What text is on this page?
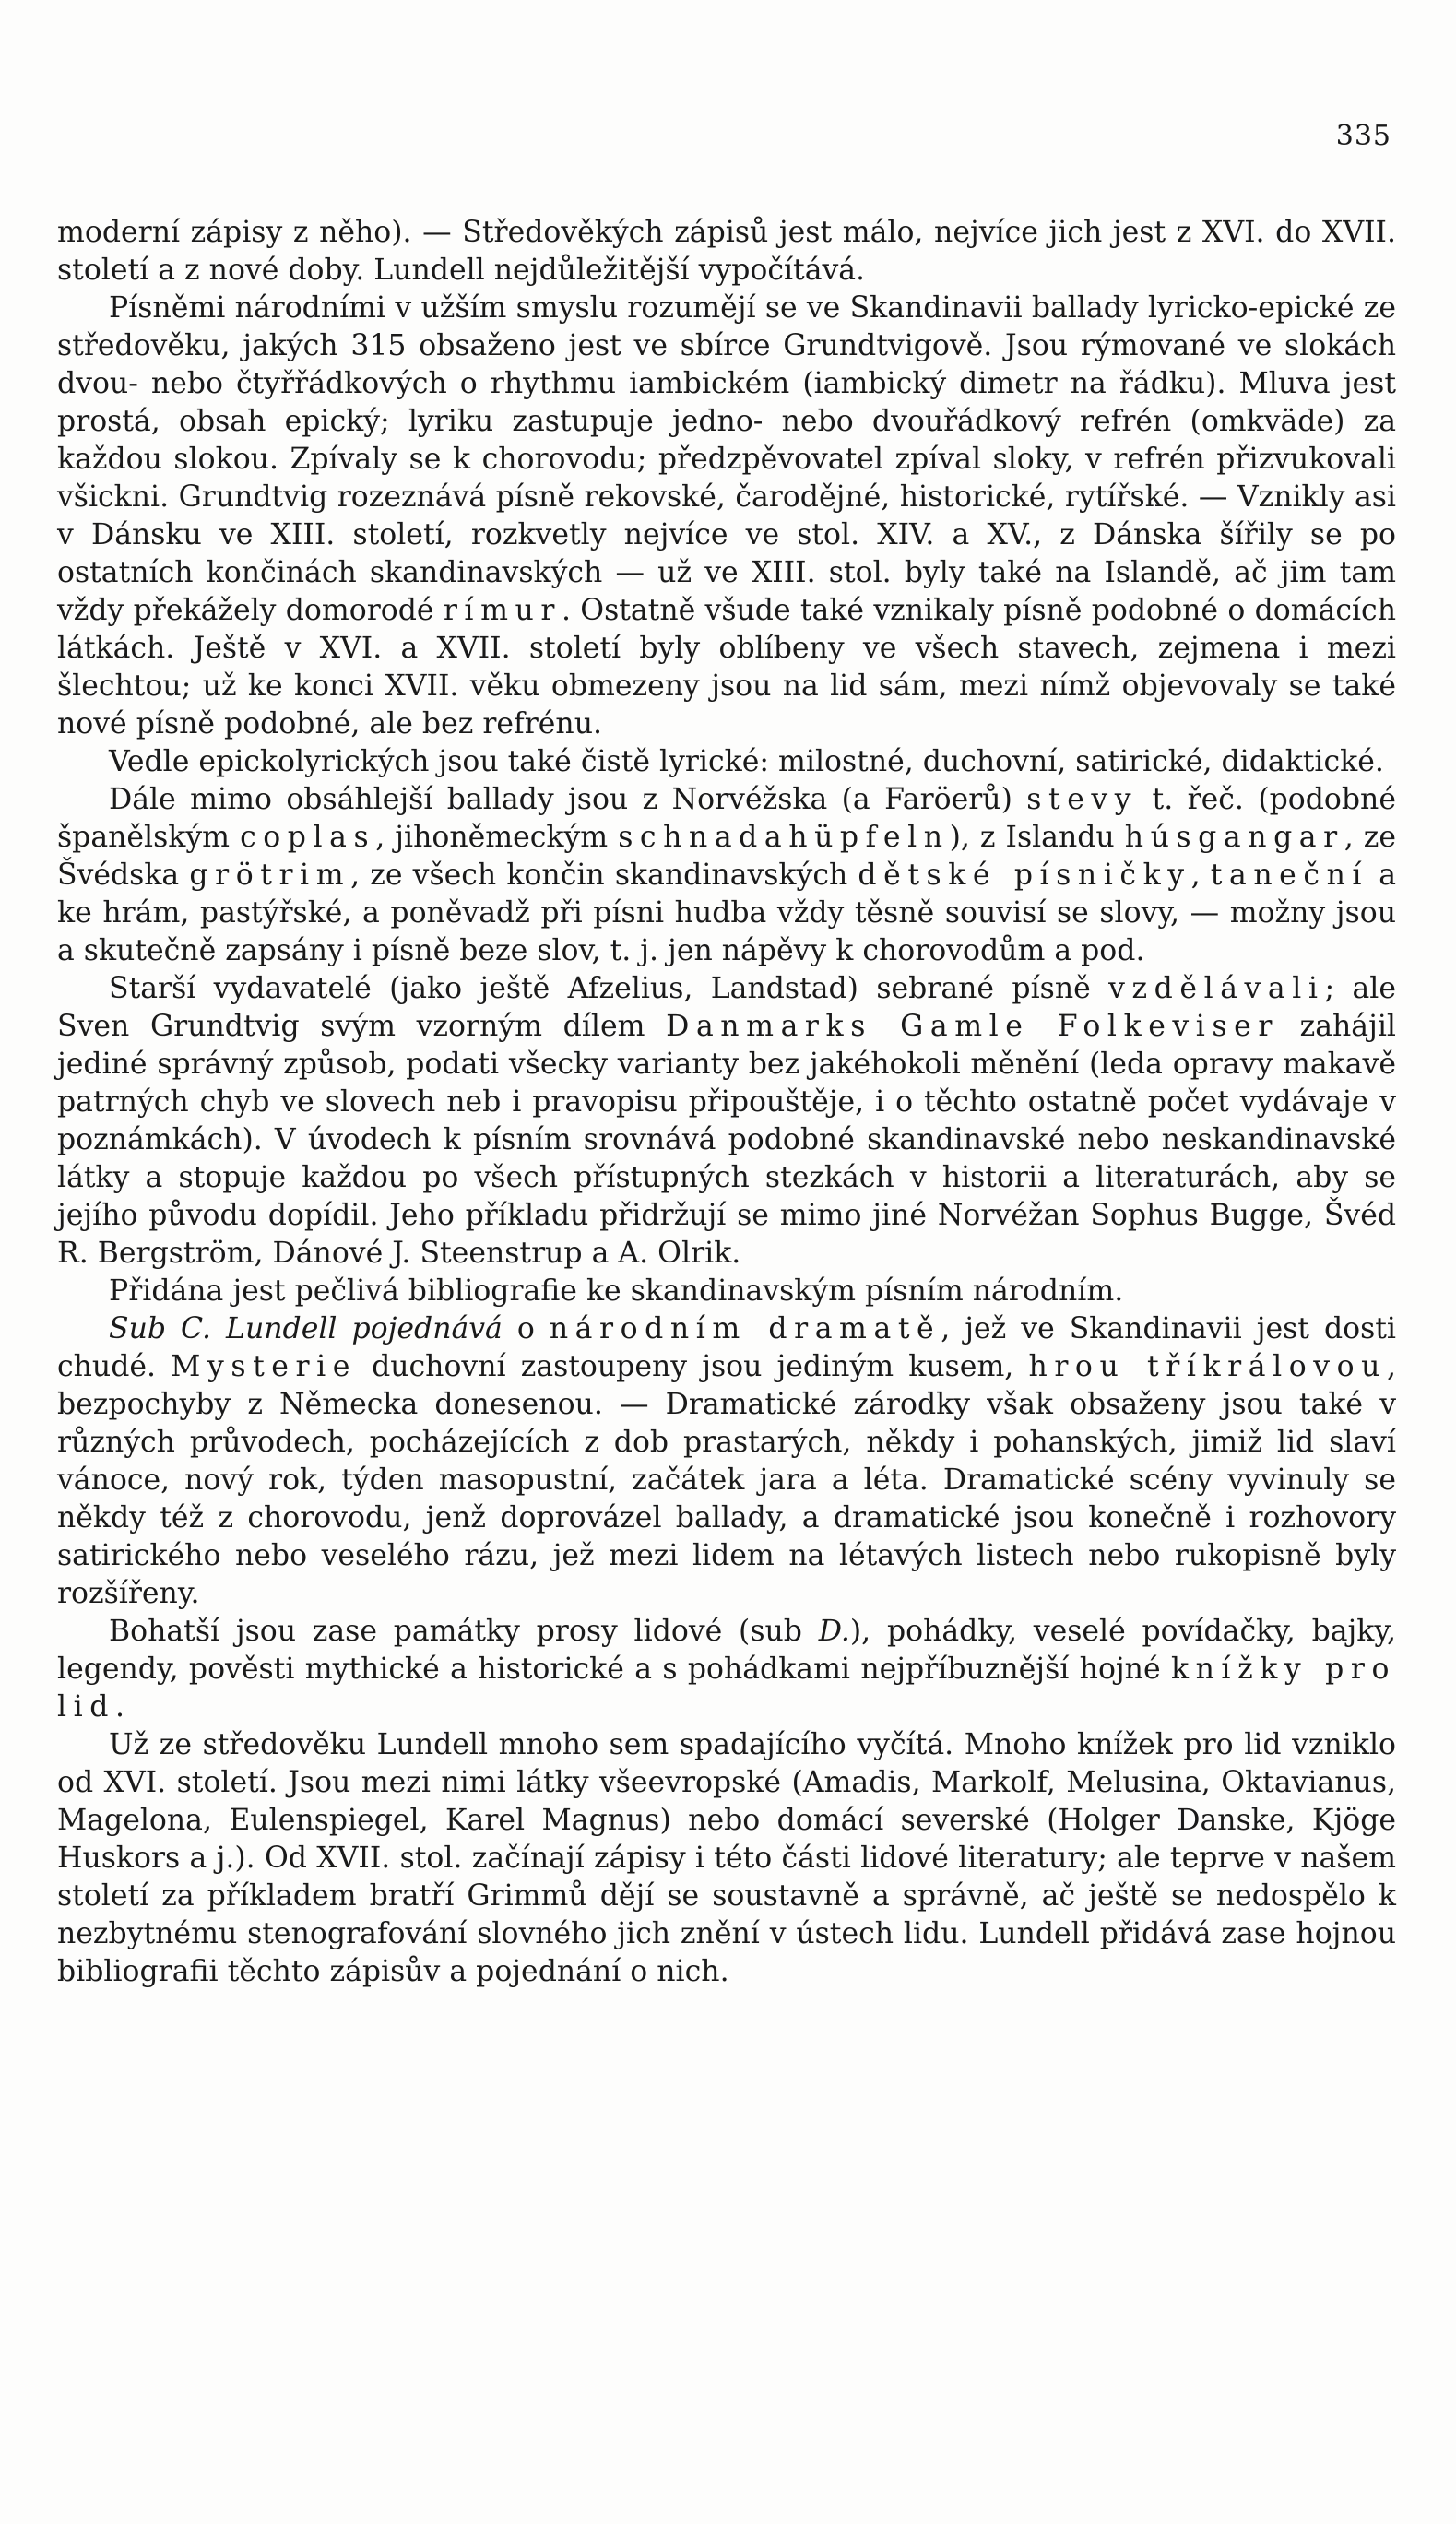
335

moderní zápisy z něho). — Středověkých zápisů jest málo, nejvíce jich jest z XVI. do XVII. století a z nové doby. Lundell nejdůležitější vypočítává.

Písněmi národními v užším smyslu rozumějí se ve Skandinavii ballady lyricko-epické ze středověku, jakých 315 obsaženo jest ve sbírce Grundtvigově. Jsou rýmované ve slokách dvou- nebo čtyřřádkových o rhythmu iambickém (iambický dimetr na řádku). Mluva jest prostá, obsah epický; lyriku zastupuje jedno- nebo dvouřádkový refrén (omkväde) za každou slokou. Zpívaly se k chorovodu; předzpěvovatel zpíval sloky, v refrén přizvukovali všickni. Grundtvig rozeznává písně rekovské, čarodějné, historické, rytířské. — Vznikly asi v Dánsku ve XIII. století, rozkvetly nejvíce ve stol. XIV. a XV., z Dánska šířily se po ostatních končinách skandinavských — už ve XIII. stol. byly také na Islandě, ač jim tam vždy překážely domorodé rímur. Ostatně všude také vznikaly písně podobné o domácích látkách. Ještě v XVI. a XVII. století byly oblíbeny ve všech stavech, zejmena i mezi šlechtou; už ke konci XVII. věku obmezeny jsou na lid sám, mezi nímž objevovaly se také nové písně podobné, ale bez refrénu.

Vedle epickolyrických jsou také čistě lyrické: milostné, duchovní, satirické, didaktické.

Dále mimo obsáhlejší ballady jsou z Norvéžska (a Faröerů) stevy t. řeč. (podobné španělským coplas, jihoněmeckým schnadahüpfeln), z Islandu húsgangar, ze Švédska grötrim, ze všech končin skandinavských dětské písničky, taneční a ke hrám, pastýřské, a poněvadž při písni hudba vždy těsně souvisí se slovy, — možny jsou a skutečně zapsány i písně beze slov, t. j. jen nápěvy k chorovodům a pod.

Starší vydavatelé (jako ještě Afzelius, Landstad) sebrané písně vzdělávali; ale Sven Grundtvig svým vzorným dílem Danmarks Gamle Folkeviser zahájil jediné správný způsob, podati všecky varianty bez jakéhokoli měnění (leda opravy makavě patrných chyb ve slovech neb i pravopisu připouštěje, i o těchto ostatně počet vydávaje v poznámkách). V úvodech k písním srovnává podobné skandinavské nebo neskandinavské látky a stopuje každou po všech přístupných stezkách v historii a literaturách, aby se jejího původu dopídil. Jeho příkladu přidržují se mimo jiné Norvéžan Sophus Bugge, Švéd R. Bergström, Dánové J. Steenstrup a A. Olrik.

Přidána jest pečlivá bibliografie ke skandinavským písním národním.

Sub C. Lundell pojednává o národním dramatě, jež ve Skandinavii jest dosti chudé. Mysterie duchovní zastoupeny jsou jediným kusem, hrou tříkrálovou, bezpochyby z Německa donesenou. — Dramatické zárodky však obsaženy jsou také v různých průvodech, pocházejících z dob prastarých, někdy i pohanských, jimiž lid slaví vánoce, nový rok, týden masopustní, začátek jara a léta. Dramatické scény vyvinuly se někdy též z chorovodu, jenž doprovázel ballady, a dramatické jsou konečně i rozhovory satirického nebo veselého rázu, jež mezi lidem na létavých listech nebo rukopisně byly rozšířeny.

Bohatší jsou zase památky prosy lidové (sub D.), pohádky, veselé povídačky, bajky, legendy, pověsti mythické a historické a s pohádkami nejpříbuznější hojné knížky pro lid.

Už ze středověku Lundell mnoho sem spadajícího vyčítá. Mnoho knížek pro lid vzniklo od XVI. století. Jsou mezi nimi látky všeevropské (Amadis, Markolf, Melusina, Oktavianus, Magelona, Eulenspiegel, Karel Magnus) nebo domácí severské (Holger Danske, Kjöge Huskors a j.). Od XVII. stol. začínají zápisy i této části lidové literatury; ale teprve v našem století za příkladem bratří Grimmů dějí se soustavně a správně, ač ještě se nedospělo k nezbytnému stenografování slovného jich znění v ústech lidu. Lundell přidává zase hojnou bibliografii těchto zápisův a pojednání o nich.
